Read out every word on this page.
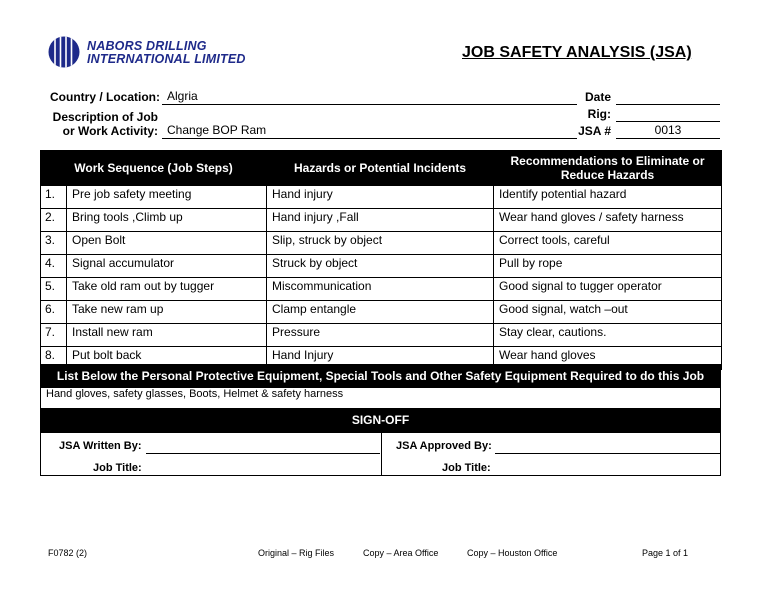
NABORS DRILLING
INTERNATIONAL LIMITED	JOB SAFETY ANALYSIS (JSA)
Country / Location: Algria
Description of Job
or Work Activity: Change BOP Ram
Date
Rig:
JSA #	0013
Work Sequence (Job Steps)		Hazards or Potential Incidents	Recommendations to Eliminate or Reduce Hazards
1.	Pre job safety meeting	Hand injury	Identify potential hazard
2.	Bring tools ,Climb up	Hand injury ,Fall	Wear hand gloves / safety harness
3.	Open Bolt	Slip, struck by object	Correct tools, careful
4.	Signal accumulator	Struck by object	Pull by rope
5.	Take old ram out by tugger	Miscommunication	Good signal to tugger operator
6.	Take new ram up	Clamp entangle	Good signal, watch –out
7.	Install new ram	Pressure	Stay clear, cautions.
8.	Put bolt back	Hand Injury	Wear hand gloves
List Below the Personal Protective Equipment, Special Tools and Other Safety Equipment Required to do this Job
Hand gloves, safety glasses, Boots, Helmet & safety harness
SIGN-OFF
JSA Written By:
Job Title:
JSA Approved By:
Job Title:
F0782 (2)	Original – Rig Files	Copy – Area Office	Copy – Houston Office	Page 1 of 1
